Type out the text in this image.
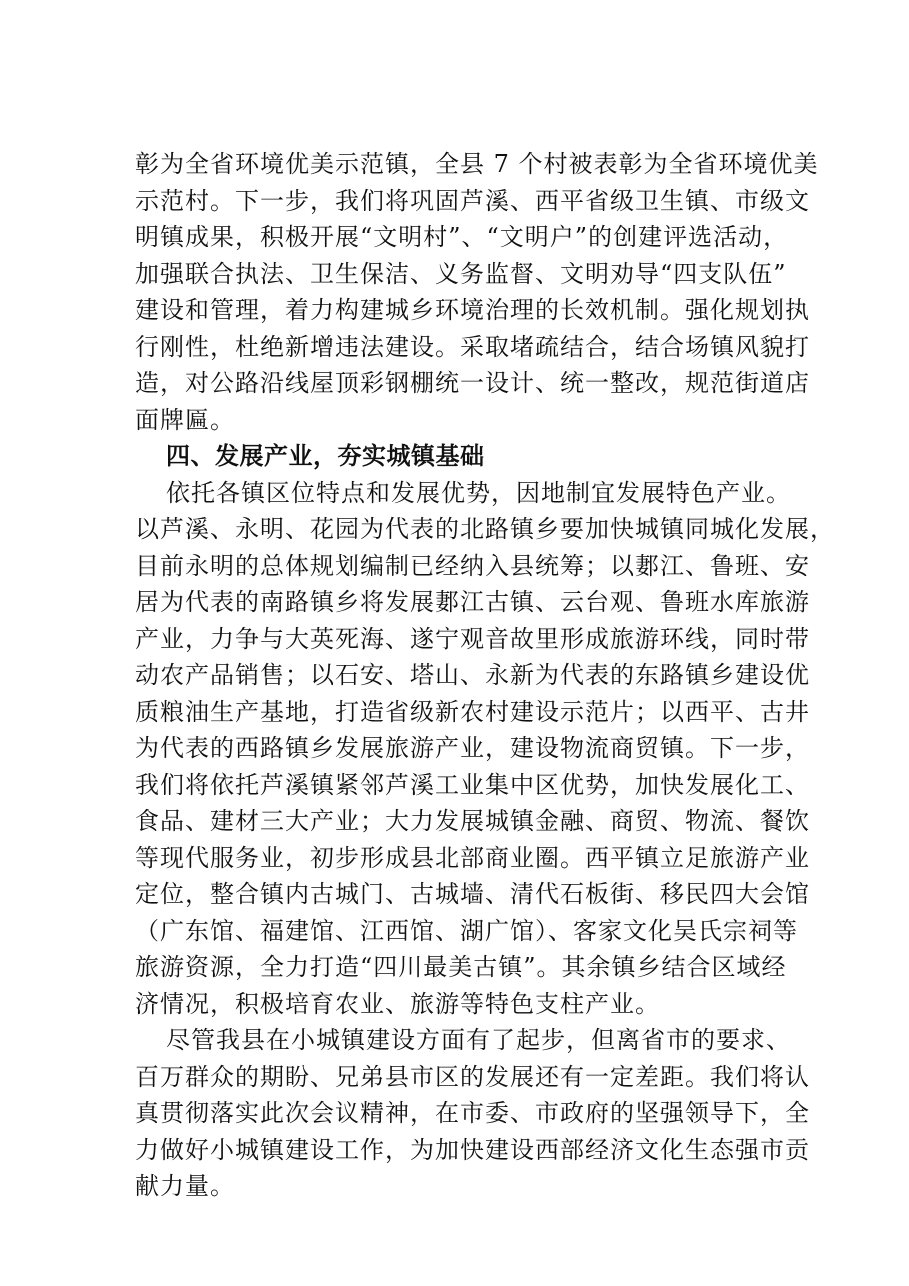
彰为全省环境优美示范镇，全县 7 个村被表彰为全省环境优美
示范村。下一步，我们将巩固芦溪、西平省级卫生镇、市级文
明镇成果，积极开展“文明村”、“文明户”的创建评选活动，
加强联合执法、卫生保洁、义务监督、文明劝导“四支队伍”
建设和管理，着力构建城乡环境治理的长效机制。强化规划执
行刚性，杜绝新增违法建设。采取堵疏结合，结合场镇风貌打
造，对公路沿线屋顶彩钢棚统一设计、统一整改，规范街道店
面牌匾。
四、发展产业，夯实城镇基础
依托各镇区位特点和发展优势，因地制宜发展特色产业。
以芦溪、永明、花园为代表的北路镇乡要加快城镇同城化发展，
目前永明的总体规划编制已经纳入县统筹；以郪江、鲁班、安
居为代表的南路镇乡将发展郪江古镇、云台观、鲁班水库旅游
产业，力争与大英死海、遂宁观音故里形成旅游环线，同时带
动农产品销售；以石安、塔山、永新为代表的东路镇乡建设优
质粮油生产基地，打造省级新农村建设示范片；以西平、古井
为代表的西路镇乡发展旅游产业，建设物流商贸镇。下一步，
我们将依托芦溪镇紧邻芦溪工业集中区优势，加快发展化工、
食品、建材三大产业；大力发展城镇金融、商贸、物流、餐饮
等现代服务业，初步形成县北部商业圈。西平镇立足旅游产业
定位，整合镇内古城门、古城墙、清代石板街、移民四大会馆
（广东馆、福建馆、江西馆、湖广馆）、客家文化吴氏宗祠等
旅游资源，全力打造“四川最美古镇”。其余镇乡结合区域经
济情况，积极培育农业、旅游等特色支柱产业。
尽管我县在小城镇建设方面有了起步，但离省市的要求、
百万群众的期盼、兄弟县市区的发展还有一定差距。我们将认
真贯彻落实此次会议精神，在市委、市政府的坚强领导下，全
力做好小城镇建设工作，为加快建设西部经济文化生态强市贡
献力量。
